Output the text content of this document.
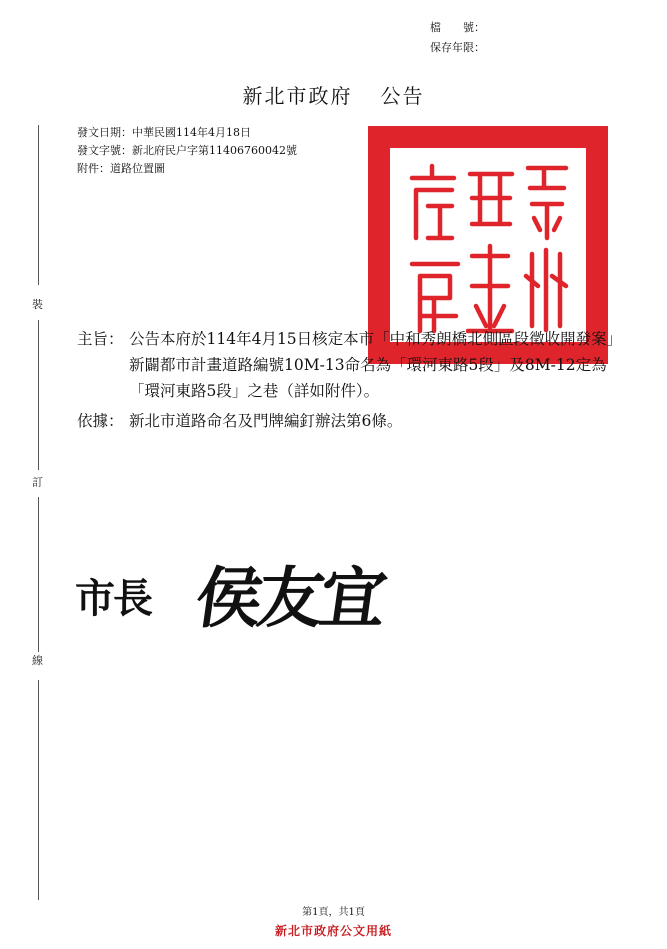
檔　　號：
保存年限：
新北市政府 公告
裝
訂
線
發文日期：中華民國114年4月18日
發文字號：新北府民户字第11406760042號
附件：道路位置圖
主旨： 公告本府於114年4月15日核定本市「中和秀朗橋北側區段徵收開發案」新闢都市計畫道路編號10M-13命名為「環河東路5段」及8M-12定為「環河東路5段」之巷（詳如附件）。
依據： 新北市道路命名及門牌編釘辦法第6條。
市長 侯友宜
第1頁，共1頁
新北市政府公文用紙
